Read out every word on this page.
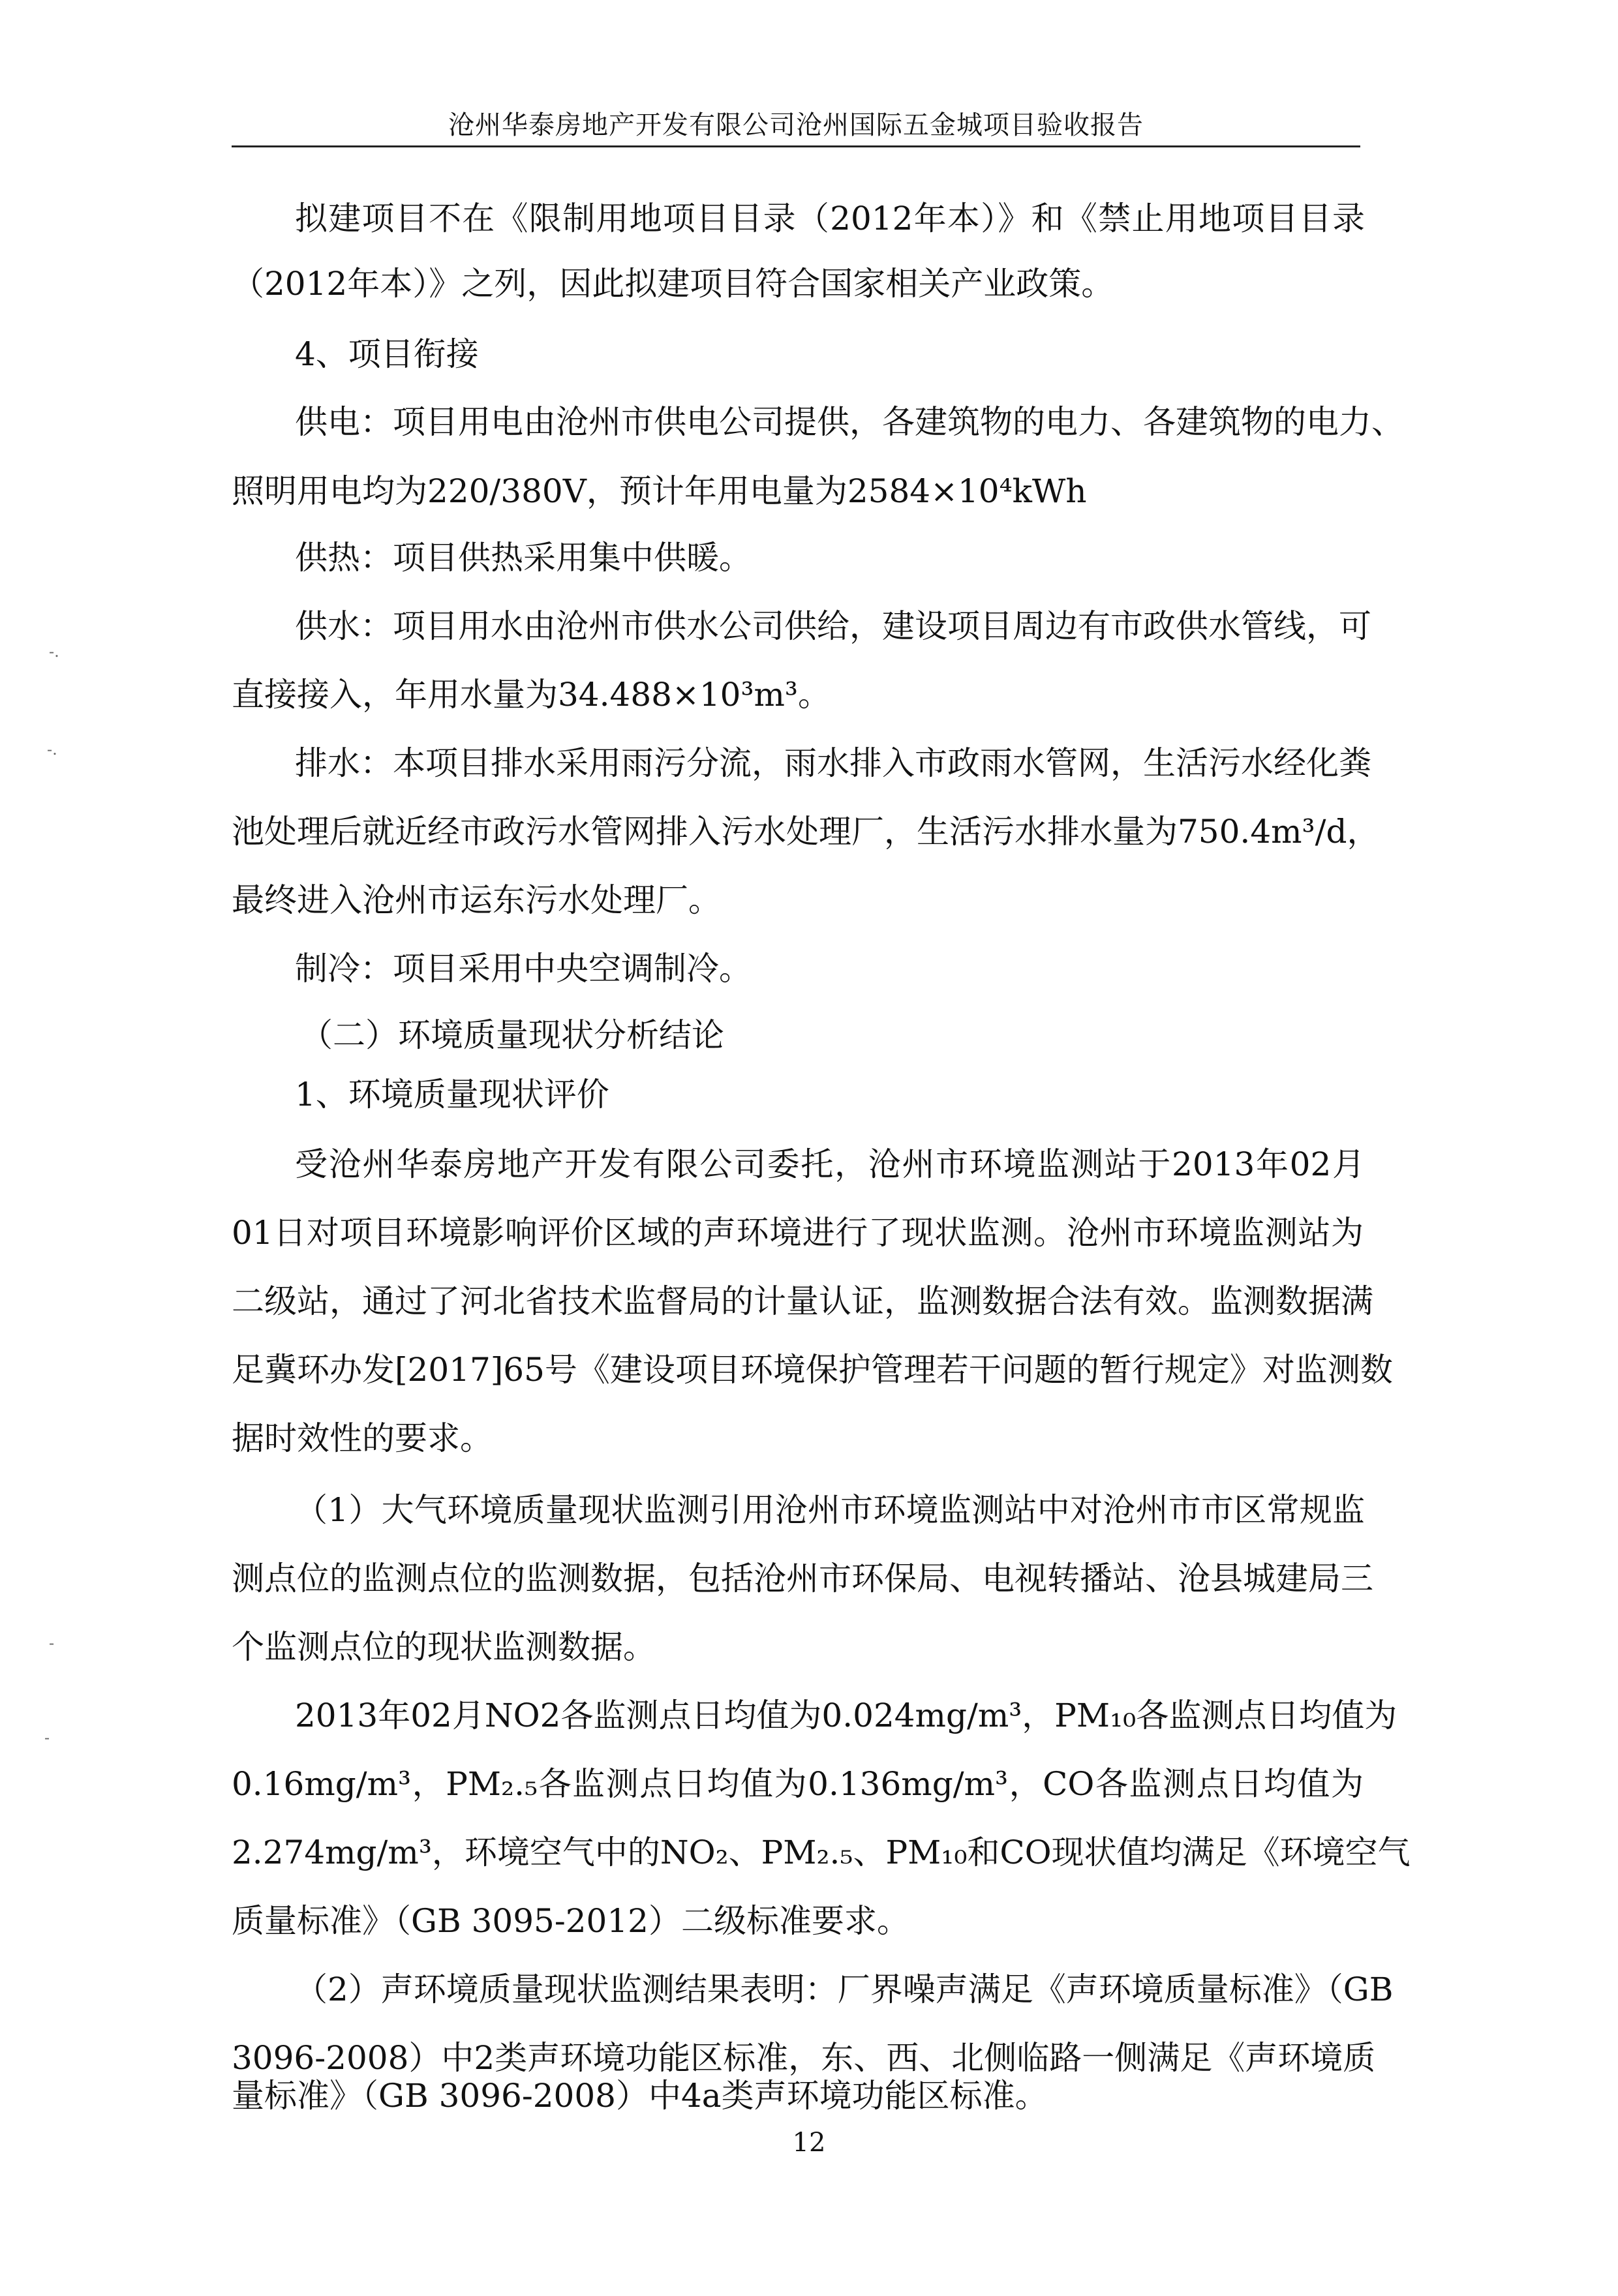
沧州华泰房地产开发有限公司沧州国际五金城项目验收报告
拟建项目不在《限制用地项目目录（2012年本）》和《禁止用地项目目录
（2012年本）》之列，因此拟建项目符合国家相关产业政策。
4、项目衔接
供电：项目用电由沧州市供电公司提供，各建筑物的电力、各建筑物的电力、
照明用电均为220/380V，预计年用电量为2584×10⁴kWh
供热：项目供热采用集中供暖。
供水：项目用水由沧州市供水公司供给，建设项目周边有市政供水管线，可
直接接入，年用水量为34.488×10³m³。
排水：本项目排水采用雨污分流，雨水排入市政雨水管网，生活污水经化粪
池处理后就近经市政污水管网排入污水处理厂，生活污水排水量为750.4m³/d，
最终进入沧州市运东污水处理厂。
制冷：项目采用中央空调制冷。
（二）环境质量现状分析结论
1、环境质量现状评价
受沧州华泰房地产开发有限公司委托，沧州市环境监测站于2013年02月
01日对项目环境影响评价区域的声环境进行了现状监测。沧州市环境监测站为
二级站，通过了河北省技术监督局的计量认证，监测数据合法有效。监测数据满
足冀环办发[2017]65号《建设项目环境保护管理若干问题的暂行规定》对监测数
据时效性的要求。
（1）大气环境质量现状监测引用沧州市环境监测站中对沧州市市区常规监
测点位的监测点位的监测数据，包括沧州市环保局、电视转播站、沧县城建局三
个监测点位的现状监测数据。
2013年02月NO2各监测点日均值为0.024mg/m³，PM₁₀各监测点日均值为
0.16mg/m³，PM₂.₅各监测点日均值为0.136mg/m³，CO各监测点日均值为
2.274mg/m³，环境空气中的NO₂、PM₂.₅、PM₁₀和CO现状值均满足《环境空气
质量标准》（GB 3095-2012）二级标准要求。
（2）声环境质量现状监测结果表明：厂界噪声满足《声环境质量标准》（GB
3096-2008）中2类声环境功能区标准，东、西、北侧临路一侧满足《声环境质
量标准》（GB 3096-2008）中4a类声环境功能区标准。
12
-.
-.
-
-
